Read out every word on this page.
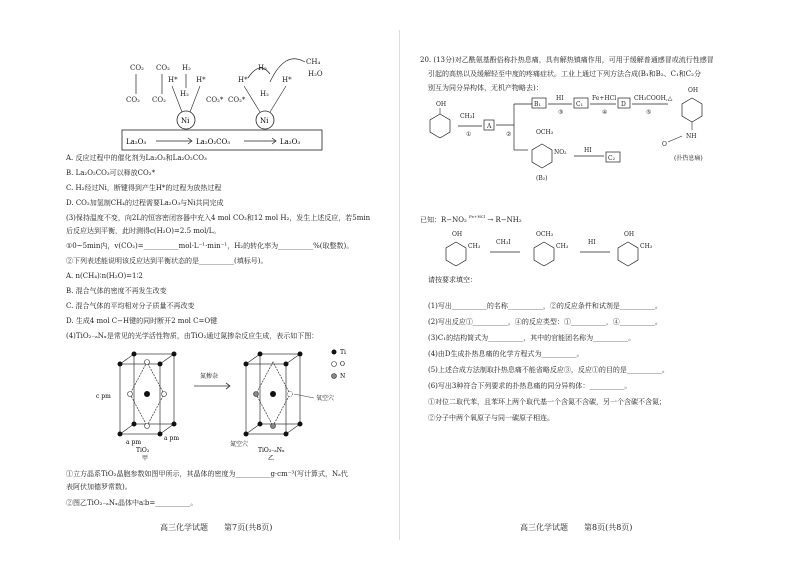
CO₂ CO₂ H₂
CO₂ CO₂
H*	H*
H₂
CO₂* CO₂*
H*
H₂
H*
H₂
CH₄
H₂O
Ni	Ni
La₂O₃	La₂O₂CO₃	La₂O₃
A. 反应过程中的催化剂为La₂O₃和La₂O₂CO₃
B. La₂O₂CO₃可以释放CO₂*
C. H₂经过Ni，断键得到产生H*的过程为放热过程
D. CO₂加氢制CH₄的过程需要La₂O₃与Ni共同完成
(3)保持温度不变，向2L的恒容密闭容器中充入4 mol CO₂和12 mol H₂，发生上述反应，若5min
后反应达到平衡，此时测得c(H₂O)=2.5 mol/L。
①0~5min内，v(CO₂)=__________mol·L⁻¹·min⁻¹，H₂的转化率为__________%(取整数)。
②下列表述能说明该反应达到平衡状态的是__________(填标号)。
A. n(CH₄)∶n(H₂O)=1∶2
B. 混合气体的密度不再发生改变
C. 混合气体的平均相对分子质量不再改变
D. 生成4 mol C−H键的同时断开2 mol C=O键
(4)TiO₂₋ₐNₓ是常见的光学活性物质，由TiO₂通过氮掺杂反应生成，表示如下图：
c pm
a pm
a pm
TiO₂
甲
氮掺杂
氧空穴
氮空穴
TiO₂₋ₐNₓ
乙
Ti
O
N
①立方晶系TiO₂晶胞参数如图甲所示，其晶体的密度为__________g·cm⁻³(写计算式，Nₐ代
表阿伏加德罗常数)。
②图乙TiO₂₋ₐNₓ晶体中a∶b=__________。
高三化学试题　　第7页(共8页)
20. (13分)对乙酰氨基酚俗称扑热息痛，具有解热镇痛作用，可用于缓解普通感冒或流行性感冒
引起的高热以及缓解轻至中度的疼痛症状。工业上通过下列方法合成(B₁和B₂、C₁和C₂分
别互为同分异构体，无机产物略去)：
OH
CH₃I
①
A
②
B₁
HI
③
C₁
Fe+HCl
④
D
CH₃COOH,△
⑤
OH
NH
O
(扑热息痛)
OCH₃
NO₂
(B₂)
HI
C₂
已知：R−NO₂ $^{Fe+HCl}$ → R−NH₂
OH
CH₃
CH₃I
OCH₃
CH₃
HI
OH
CH₃
请按要求填空：
(1)写出__________的名称__________，②的反应条件和试剂是__________。
(2)写出反应①__________，④的反应类型：①__________，④__________。
(3)C₁的结构简式为__________，其中的官能团名称为__________。
(4)由D生成扑热息痛的化学方程式为__________。
(5)上述合成方法制取扑热息痛不能省略反应③，反应①的目的是__________。
(6)写出3种符合下列要求的扑热息痛的同分异构体：__________。
①对位二取代苯，且苯环上两个取代基一个含氮不含碳，另一个含碳不含氮；
②分子中两个氧原子与同一碳原子相连。
高三化学试题　　第8页(共8页)
